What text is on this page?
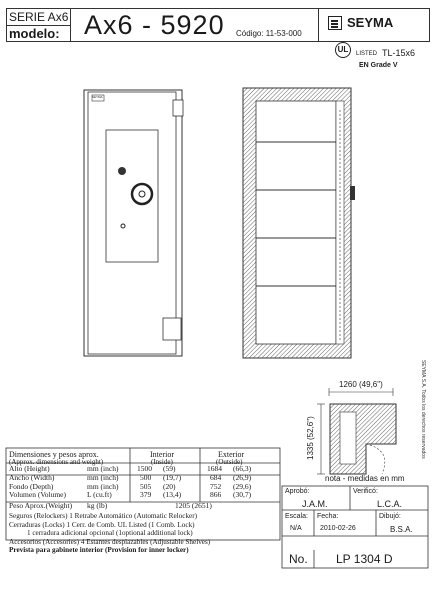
SERIE Ax6
modelo: Ax6 - 5920 Código: 11-53-000
SEYMA
UL	LISTED TL-15x6
EN Grade V
SEYMA S.A. Todos los derechos reservados
SEYMA
1260 (49,6")
1335 (52,6")
nota - medidas en mm
Dimensiones y pesos aprox.
(Approx. dimensions and weight)
Interior
(Inside)
Exterior
(Outside)
Alto (Height)	mm (inch) 1500 (59)	1684 (66,3)
Ancho (Width)	mm (inch)	500 (19,7)	684 (26,9)
Fondo (Depth)	mm (inch)	505 (20)	752 (29,6)
Volumen (Volume)	L (cu.ft)	379 (13,4)	866 (30,7)
Peso Aprox.(Weight) kg (lb)	1205 (2651)
Seguros (Relockers) 1 Retrabe Automático (Automatic Relocker)
Cerraduras (Locks) 1 Cerr. de Comb. UL Listed (1 Comb. Lock)
1 cerradura adicional opcional (1optional additional lock)
Accesorios (Accesories) 4 Estantes desplazables (Adjustable Shelves)
Prevista para gabinete interior (Provision for inner locker)
Aprobó:
J.A.M.
Verificó:
L.C.A.
Escala:
N/A
Fecha:
2010-02-26
Dibujó:
B.S.A.
No. LP 1304 D
